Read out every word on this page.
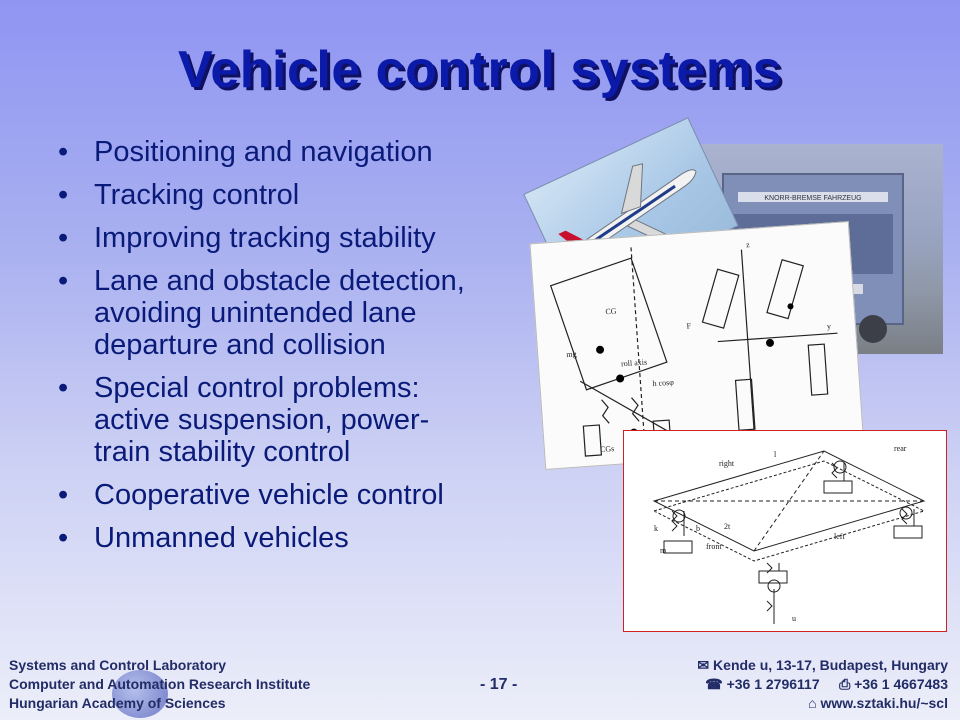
Vehicle control systems
KNORR-BREMSE FAHRZEUG
CG
mg
roll axis
h cosφ
F
CGs
y
z
right
rear
front
left
l
2t
k
m
b
u
• Positioning and navigation
• Tracking control
• Improving tracking stability
• Lane and obstacle detection,
avoiding unintended lane
departure and collision
• Special control problems:
active suspension, power-
train stability control
• Cooperative vehicle control
• Unmanned vehicles
Systems and Control Laboratory
Computer and Automation Research Institute
Hungarian Academy of Sciences
- 17 -
✉ Kende u, 13-17, Budapest, Hungary
☎ +36 1 2796117 ⎙ +36 1 4667483
⌂ www.sztaki.hu/~scl
